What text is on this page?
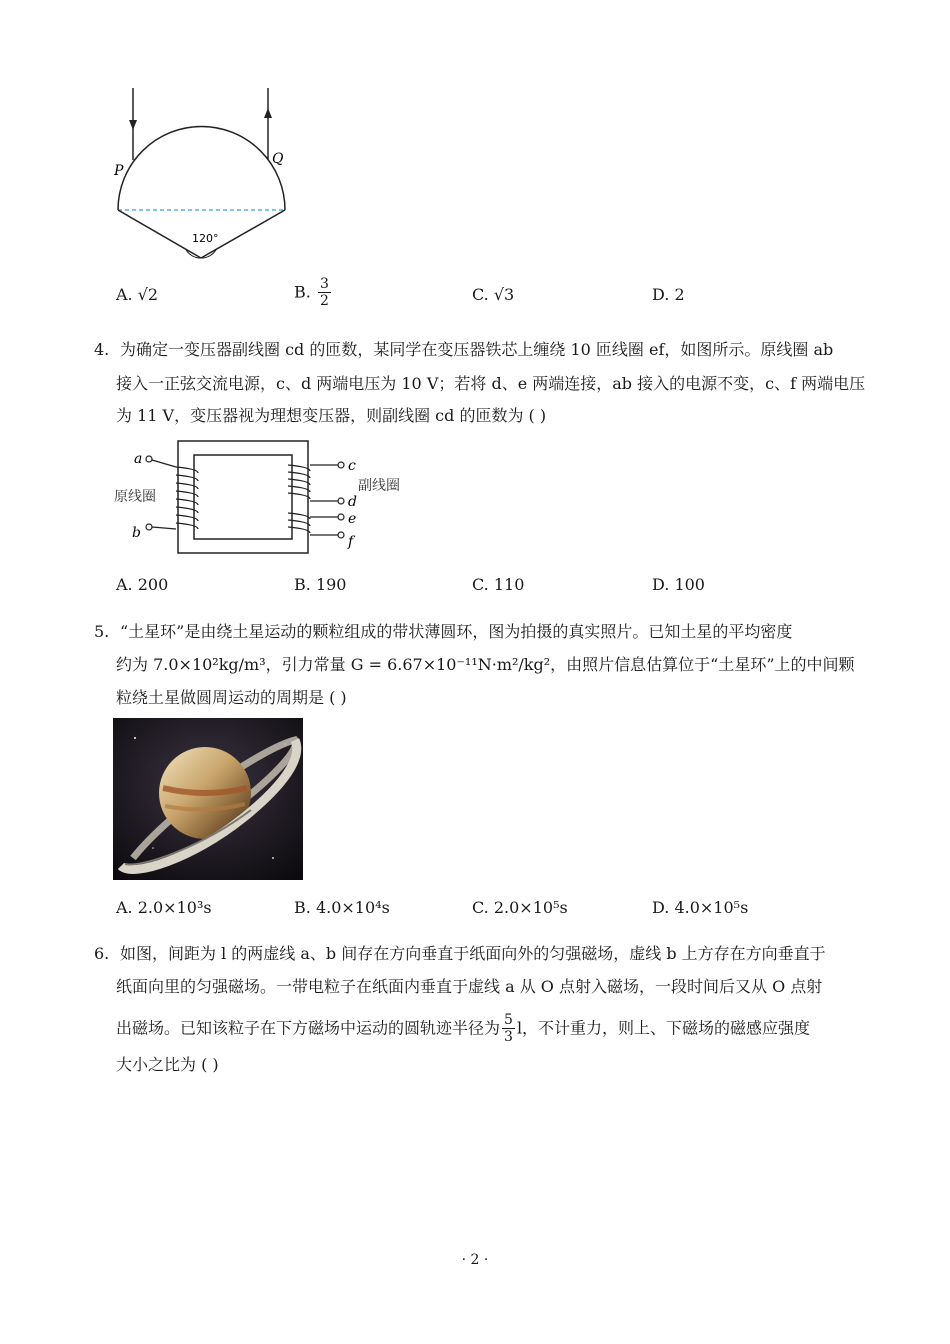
P
Q
120°
A. √2	B. $\frac{3}{2}$	C. √3	D. 2
4. 为确定一变压器副线圈 cd 的匝数，某同学在变压器铁芯上缠绕 10 匝线圈 ef，如图所示。原线圈 ab
接入一正弦交流电源，c、d 两端电压为 10 V；若将 d、e 两端连接，ab 接入的电源不变，c、f 两端电压
为 11 V，变压器视为理想变压器，则副线圈 cd 的匝数为 ( )
a
b
原线圈
c
d
e
f
副线圈
A. 200	B. 190	C. 110	D. 100
5. “土星环”是由绕土星运动的颗粒组成的带状薄圆环，图为拍摄的真实照片。已知土星的平均密度
约为 7.0×10²kg/m³，引力常量 G = 6.67×10⁻¹¹N·m²/kg²，由照片信息估算位于“土星环”上的中间颗
粒绕土星做圆周运动的周期是 ( )
A. 2.0×10³s	B. 4.0×10⁴s	C. 2.0×10⁵s	D. 4.0×10⁵s
6. 如图，间距为 l 的两虚线 a、b 间存在方向垂直于纸面向外的匀强磁场，虚线 b 上方存在方向垂直于
纸面向里的匀强磁场。一带电粒子在纸面内垂直于虚线 a 从 O 点射入磁场，一段时间后又从 O 点射
出磁场。已知该粒子在下方磁场中运动的圆轨迹半径为 $\frac{5}{3}$ l，不计重力，则上、下磁场的磁感应强度
大小之比为 ( )
· 2 ·
